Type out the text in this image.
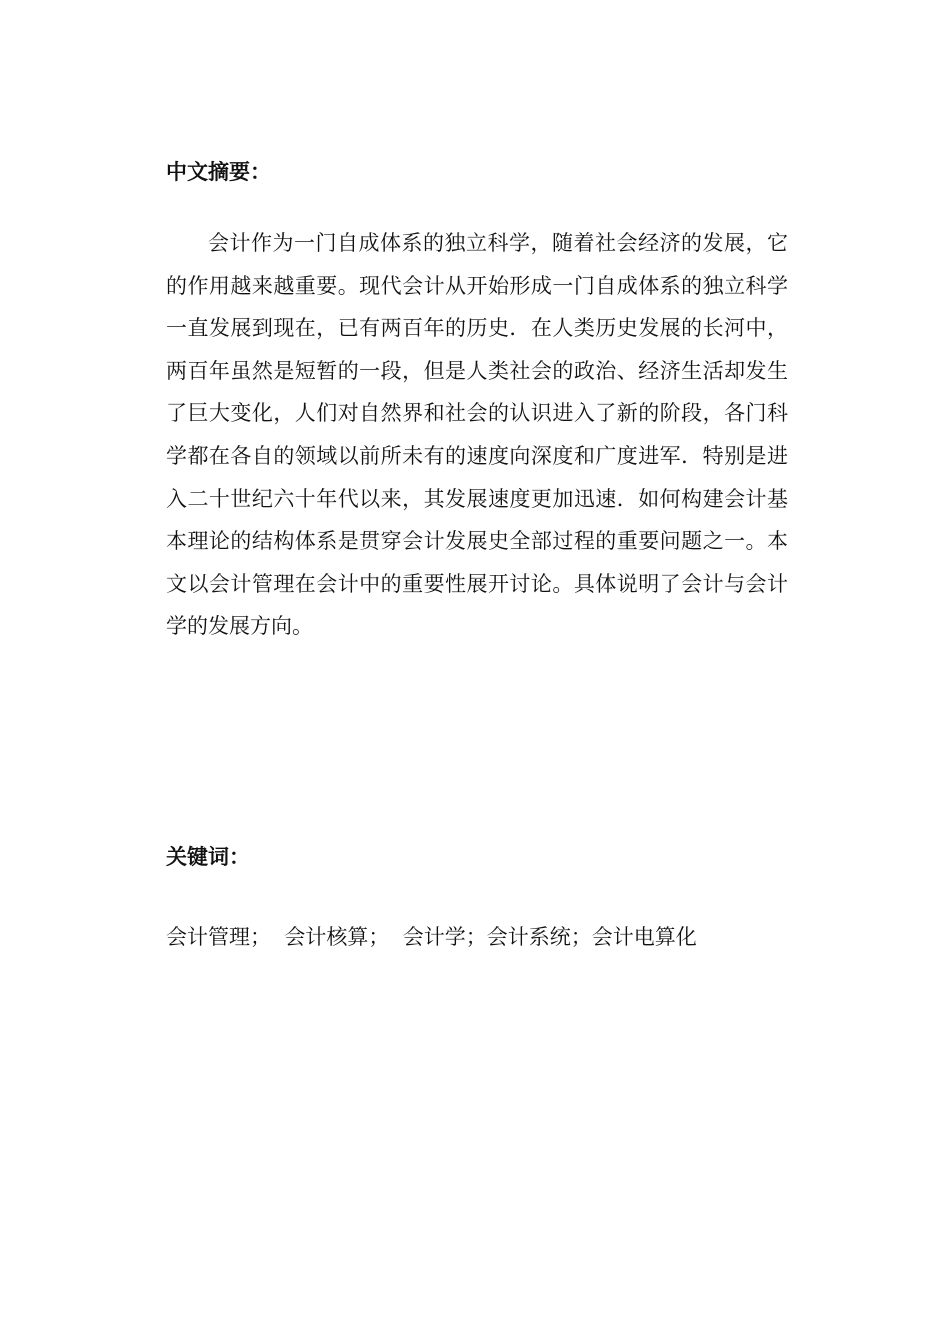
中文摘要：

会计作为一门自成体系的独立科学，随着社会经济的发展，它的作用越来越重要。现代会计从开始形成一门自成体系的独立科学一直发展到现在，已有两百年的历史．在人类历史发展的长河中，两百年虽然是短暂的一段，但是人类社会的政治、经济生活却发生了巨大变化，人们对自然界和社会的认识进入了新的阶段，各门科学都在各自的领域以前所未有的速度向深度和广度进军．特别是进入二十世纪六十年代以来，其发展速度更加迅速．如何构建会计基本理论的结构体系是贯穿会计发展史全部过程的重要问题之一。本文以会计管理在会计中的重要性展开讨论。具体说明了会计与会计学的发展方向。

关键词：

会计管理； 会计核算； 会计学；会计系统；会计电算化
